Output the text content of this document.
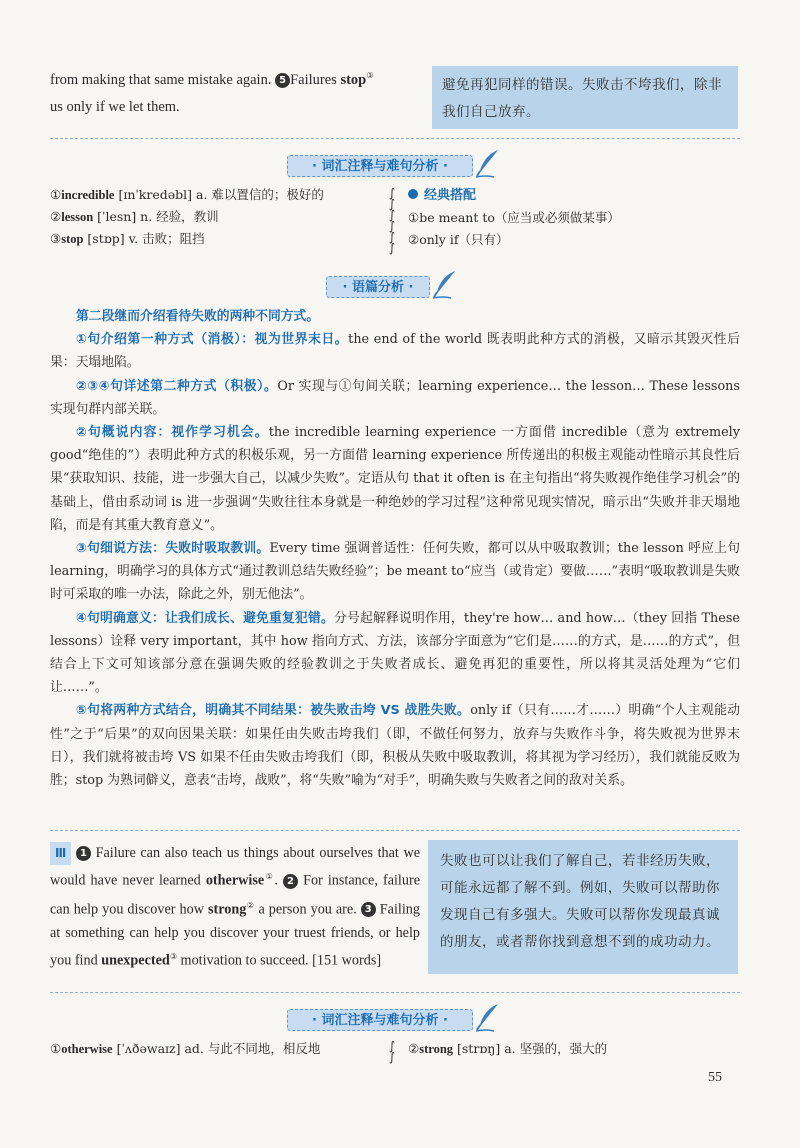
from making that same mistake again. 5 Failures stop③
us only if we let them.
避免再犯同样的错误。失败击不垮我们，除非我们自己放弃。
· 词汇注释与难句分析 ·
①incredible [ɪnˈkredəbl] a. 难以置信的；极好的
②lesson [ˈlesn] n. 经验，教训
③stop [stɒp] v. 击败；阻挡
∫
∫
∫
∫
∫
∫
经典搭配
①be meant to（应当或必须做某事）
②only if（只有）
· 语篇分析 ·

第二段继而介绍看待失败的两种不同方式。

①句介绍第一种方式（消极）：视为世界末日。the end of the world 既表明此种方式的消极，又暗示其毁灭性后果：天塌地陷。

②③④句详述第二种方式（积极）。Or 实现与①句间关联；learning experience… the lesson… These lessons 实现句群内部关联。

②句概说内容：视作学习机会。the incredible learning experience 一方面借 incredible（意为 extremely good“绝佳的”）表明此种方式的积极乐观，另一方面借 learning experience 所传递出的积极主观能动性暗示其良性后果“获取知识、技能，进一步强大自己，以减少失败”。定语从句 that it often is 在主句指出“将失败视作绝佳学习机会”的基础上，借由系动词 is 进一步强调“失败往往本身就是一种绝妙的学习过程”这种常见现实情况，暗示出“失败并非天塌地陷，而是有其重大教育意义”。

③句细说方法：失败时吸取教训。Every time 强调普适性：任何失败，都可以从中吸取教训；the lesson 呼应上句 learning，明确学习的具体方式“通过教训总结失败经验”；be meant to“应当（或肯定）要做……”表明“吸取教训是失败时可采取的唯一办法，除此之外，别无他法”。

④句明确意义：让我们成长、避免重复犯错。分号起解释说明作用，they're how… and how…（they 回指 These lessons）诠释 very important，其中 how 指向方式、方法，该部分字面意为“它们是……的方式，是……的方式”，但结合上下文可知该部分意在强调失败的经验教训之于失败者成长、避免再犯的重要性，所以将其灵活处理为“它们让……”。

⑤句将两种方式结合，明确其不同结果：被失败击垮 VS 战胜失败。only if（只有……才……）明确“个人主观能动性”之于“后果”的双向因果关联：如果任由失败击垮我们（即，不做任何努力，放弃与失败作斗争，将失败视为世界末日），我们就将被击垮 VS 如果不任由失败击垮我们（即，积极从失败中吸取教训，将其视为学习经历），我们就能反败为胜；stop 为熟词僻义，意表“击垮，战败”，将“失败”喻为“对手”，明确失败与失败者之间的敌对关系。

Ⅲ 1 Failure can also teach us things about ourselves that we would have never learned otherwise①. 2 For instance, failure can help you discover how strong② a person you are. 3 Failing at something can help you discover your truest friends, or help you find unexpected③ motivation to succeed. [151 words]
失败也可以让我们了解自己，若非经历失败，可能永远都了解不到。例如，失败可以帮助你发现自己有多强大。失败可以帮你发现最真诚的朋友，或者帮你找到意想不到的成功动力。
· 词汇注释与难句分析 ·
①otherwise [ˈʌðəwaɪz] ad. 与此不同地，相反地	∫
∫
②strong [strɒŋ] a. 坚强的，强大的
55
